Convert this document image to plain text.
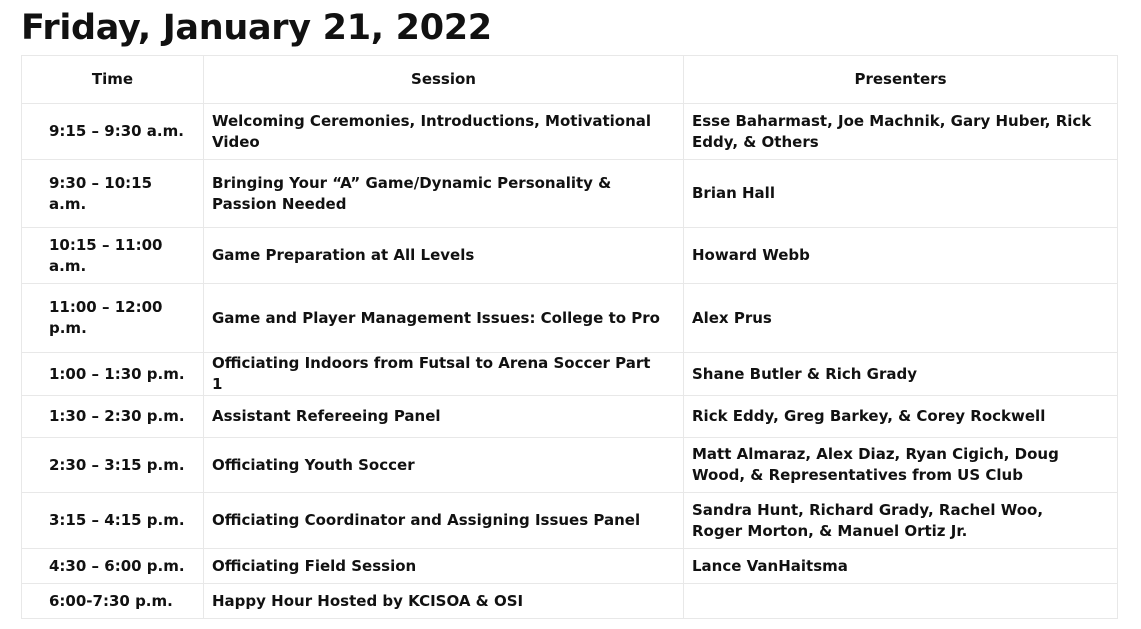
Friday, January 21, 2022
Time	Session	Presenters
9:15 – 9:30 a.m.	Welcoming Ceremonies, Introductions, Motivational Video	Esse Baharmast, Joe Machnik, Gary Huber, Rick Eddy, & Others
9:30 – 10:15 a.m.	Bringing Your “A” Game/Dynamic Personality & Passion Needed	Brian Hall
10:15 – 11:00 a.m.	Game Preparation at All Levels	Howard Webb
11:00 – 12:00 p.m.	Game and Player Management Issues: College to Pro	Alex Prus
1:00 – 1:30 p.m.	Officiating Indoors from Futsal to Arena Soccer Part 1	Shane Butler & Rich Grady
1:30 – 2:30 p.m.	Assistant Refereeing Panel	Rick Eddy, Greg Barkey, & Corey Rockwell
2:30 – 3:15 p.m.	Officiating Youth Soccer	Matt Almaraz, Alex Diaz, Ryan Cigich, Doug Wood, & Representatives from US Club
3:15 – 4:15 p.m.	Officiating Coordinator and Assigning Issues Panel	Sandra Hunt, Richard Grady, Rachel Woo, Roger Morton, & Manuel Ortiz Jr.
4:30 – 6:00 p.m.	Officiating Field Session	Lance VanHaitsma
6:00-7:30 p.m.	Happy Hour Hosted by KCISOA & OSI	
